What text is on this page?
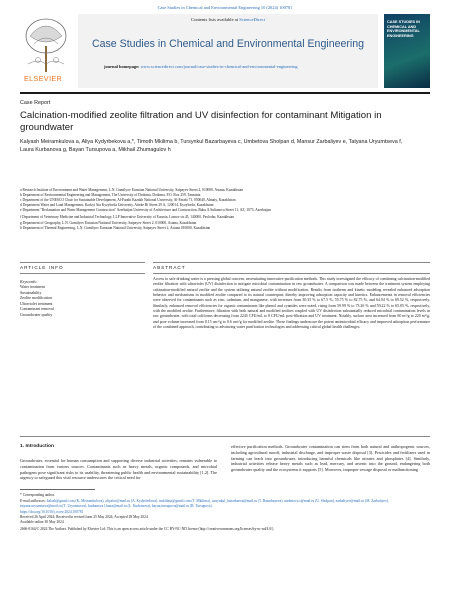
Case Studies in Chemical and Environmental Engineering 10 (2024) 100781
ELSEVIER
Contents lists available at ScienceDirect
Case Studies in Chemical and Environmental Engineering
journal homepage: www.sciencedirect.com/journal/case-studies-in-chemical-and-environmental-engineering
CASE STUDIES IN CHEMICAL AND ENVIRONMENTAL ENGINEERING
Case Report
Calcination-modified zeolite filtration and UV disinfection for contaminant Mitigation in groundwater
Kalyash Meiramkulova a, Aliya Kydyrbekova a,*, Timoth Mkilima b, Tursynkul Bazarbayeva c, Umbetova Sholpan d, Mansur Zarbaliyev e, Tatyana Uryumtseva f, Laura Kurbanova g, Bayan Tursupova a, Mikhail Zhumagulov h
a Research Institute of Environment and Water Management, L.N. Gumilyov Eurasian National University, Satpayev Street 2, 010000, Astana, Kazakhstan
b Department of Environmental Engineering and Management, The University of Dodoma, Dodoma, P.O. Box 259, Tanzania
c Department of the UNESCO Chair for Sustainable Development, Al-Farabi Kazakh National University, Al-Farabi 71, 050040, Almaty, Kazakhstan
d Department Water and Land Management, Korkyt Ata Kyzylorda University, Aiteke Bi Street 29 A, 120014, Kyzylorda, Kazakhstan
e Department "Reclamation and Water Management Construction" Azerbaijan University of Architecture and Construction, Baku A.Sultanova Street 11, AZ, 1073, Azerbaijan
f Department of Veterinary Medicine and Industrial Technology, LLP Innovative University of Eurasia, Lomov str.45, 140000, Pavlodar, Kazakhstan
g Department of Geography, L.N. Gumilyov Eurasian National University, Satpayev Street 2, 010000, Astana, Kazakhstan
h Department of Thermal Engineering, L.N. Gumilyov Eurasian National University, Satpayev Street 2, Astana 010000, Kazakhstan
ARTICLE INFO	ABSTRACT
Keywords:
Water treatment
Sustainability
Zeolite modification
Ultraviolet treatment
Contaminant removal
Groundwater quality
Access to safe drinking water is a pressing global concern, necessitating innovative purification methods. This study investigated the efficacy of combining calcination-modified zeolite filtration with ultraviolet (UV) disinfection to mitigate microbial contamination in raw groundwater. A comparison was made between the treatment system employing calcination-modified natural zeolite and the system utilizing natural zeolite without modification. Results from isotherm and kinetic modeling revealed enhanced adsorption behavior and mechanisms in modified zeolite compared to its natural counterpart, thereby improving adsorption capacity and kinetics. Enhancements in removal efficiencies were observed for contaminants such as zinc, cadmium, and manganese, with increases from 30.35 % to 67.5 %, 55.75 % to 82.75 %, and 64.04 % to 69.52 %, respectively. Similarly, enhanced removal efficiencies for organic contaminants like phenol and cyanides were noted, rising from 59.99 % to 73.26 % and 59.22 % to 65.05 %, respectively, with the modified zeolite. Furthermore, filtration with both natural and modified zeolites coupled with UV disinfection substantially reduced microbial contamination levels in raw groundwater, with total coliforms decreasing from 2245 CFU/mL to 8 CFU/mL post-filtration and UV treatment. Notably, surface area increased from 60 m²/g to 220 m²/g, and pore volume increased from 0.15 cm³/g to 0.6 cm³/g for modified zeolite. These findings underscore the potent antimicrobial efficacy and improved adsorption performance of the combined approach, contributing to advancing water purification technologies and addressing critical global health challenges.
1. Introduction
Groundwater, essential for human consumption and supporting diverse industrial activities, remains vulnerable to contamination from various sources. Contaminants such as heavy metals, organic compounds, and microbial pathogens pose significant risks to its usability, threatening public health and environmental sustainability [1,2]. The urgency to safeguard this vital resource underscores the critical need for
effective purification methods. Groundwater contamination can stem from both natural and anthropogenic sources, including agricultural runoff, industrial discharge, and improper waste disposal [3]. Pesticides and fertilizers used in farming can leach into groundwater, introducing harmful chemicals like nitrates and phosphates [4]. Similarly, industrial activities release heavy metals such as lead, mercury, and arsenic into the ground, endangering both groundwater quality and the ecosystems it supports [5]. Moreover, improper sewage disposal or malfunctioning
* Corresponding author.
E-mail addresses: kalash@gmail.com (K. Meiramkulova), aliyafor@mail.ru (A. Kydyrbekova), tmkilima@gmail.com (T. Mkilima), tursynkul_bazarbaeva@mail.ru (T. Bazarbayeva), umbetova.s@mail.ru (U. Sholpan), zarbaliyev@mail.ru (M. Zarbaliyev), tatyana.uryumtseva@mail.ru (T. Uryumtseva), kurbanova.l.laura@mail.ru (L. Kurbanova), bayan.tursupova@mail.ru (B. Tursupova).
https://doi.org/10.1016/j.cscee.2024.100781
Received 26 April 2024; Received in revised form 25 May 2024; Accepted 28 May 2024
Available online 30 May 2024
2666-0164/© 2024 The Authors. Published by Elsevier Ltd. This is an open access article under the CC BY-NC-ND license (http://creativecommons.org/licenses/by-nc-nd/4.0/).
